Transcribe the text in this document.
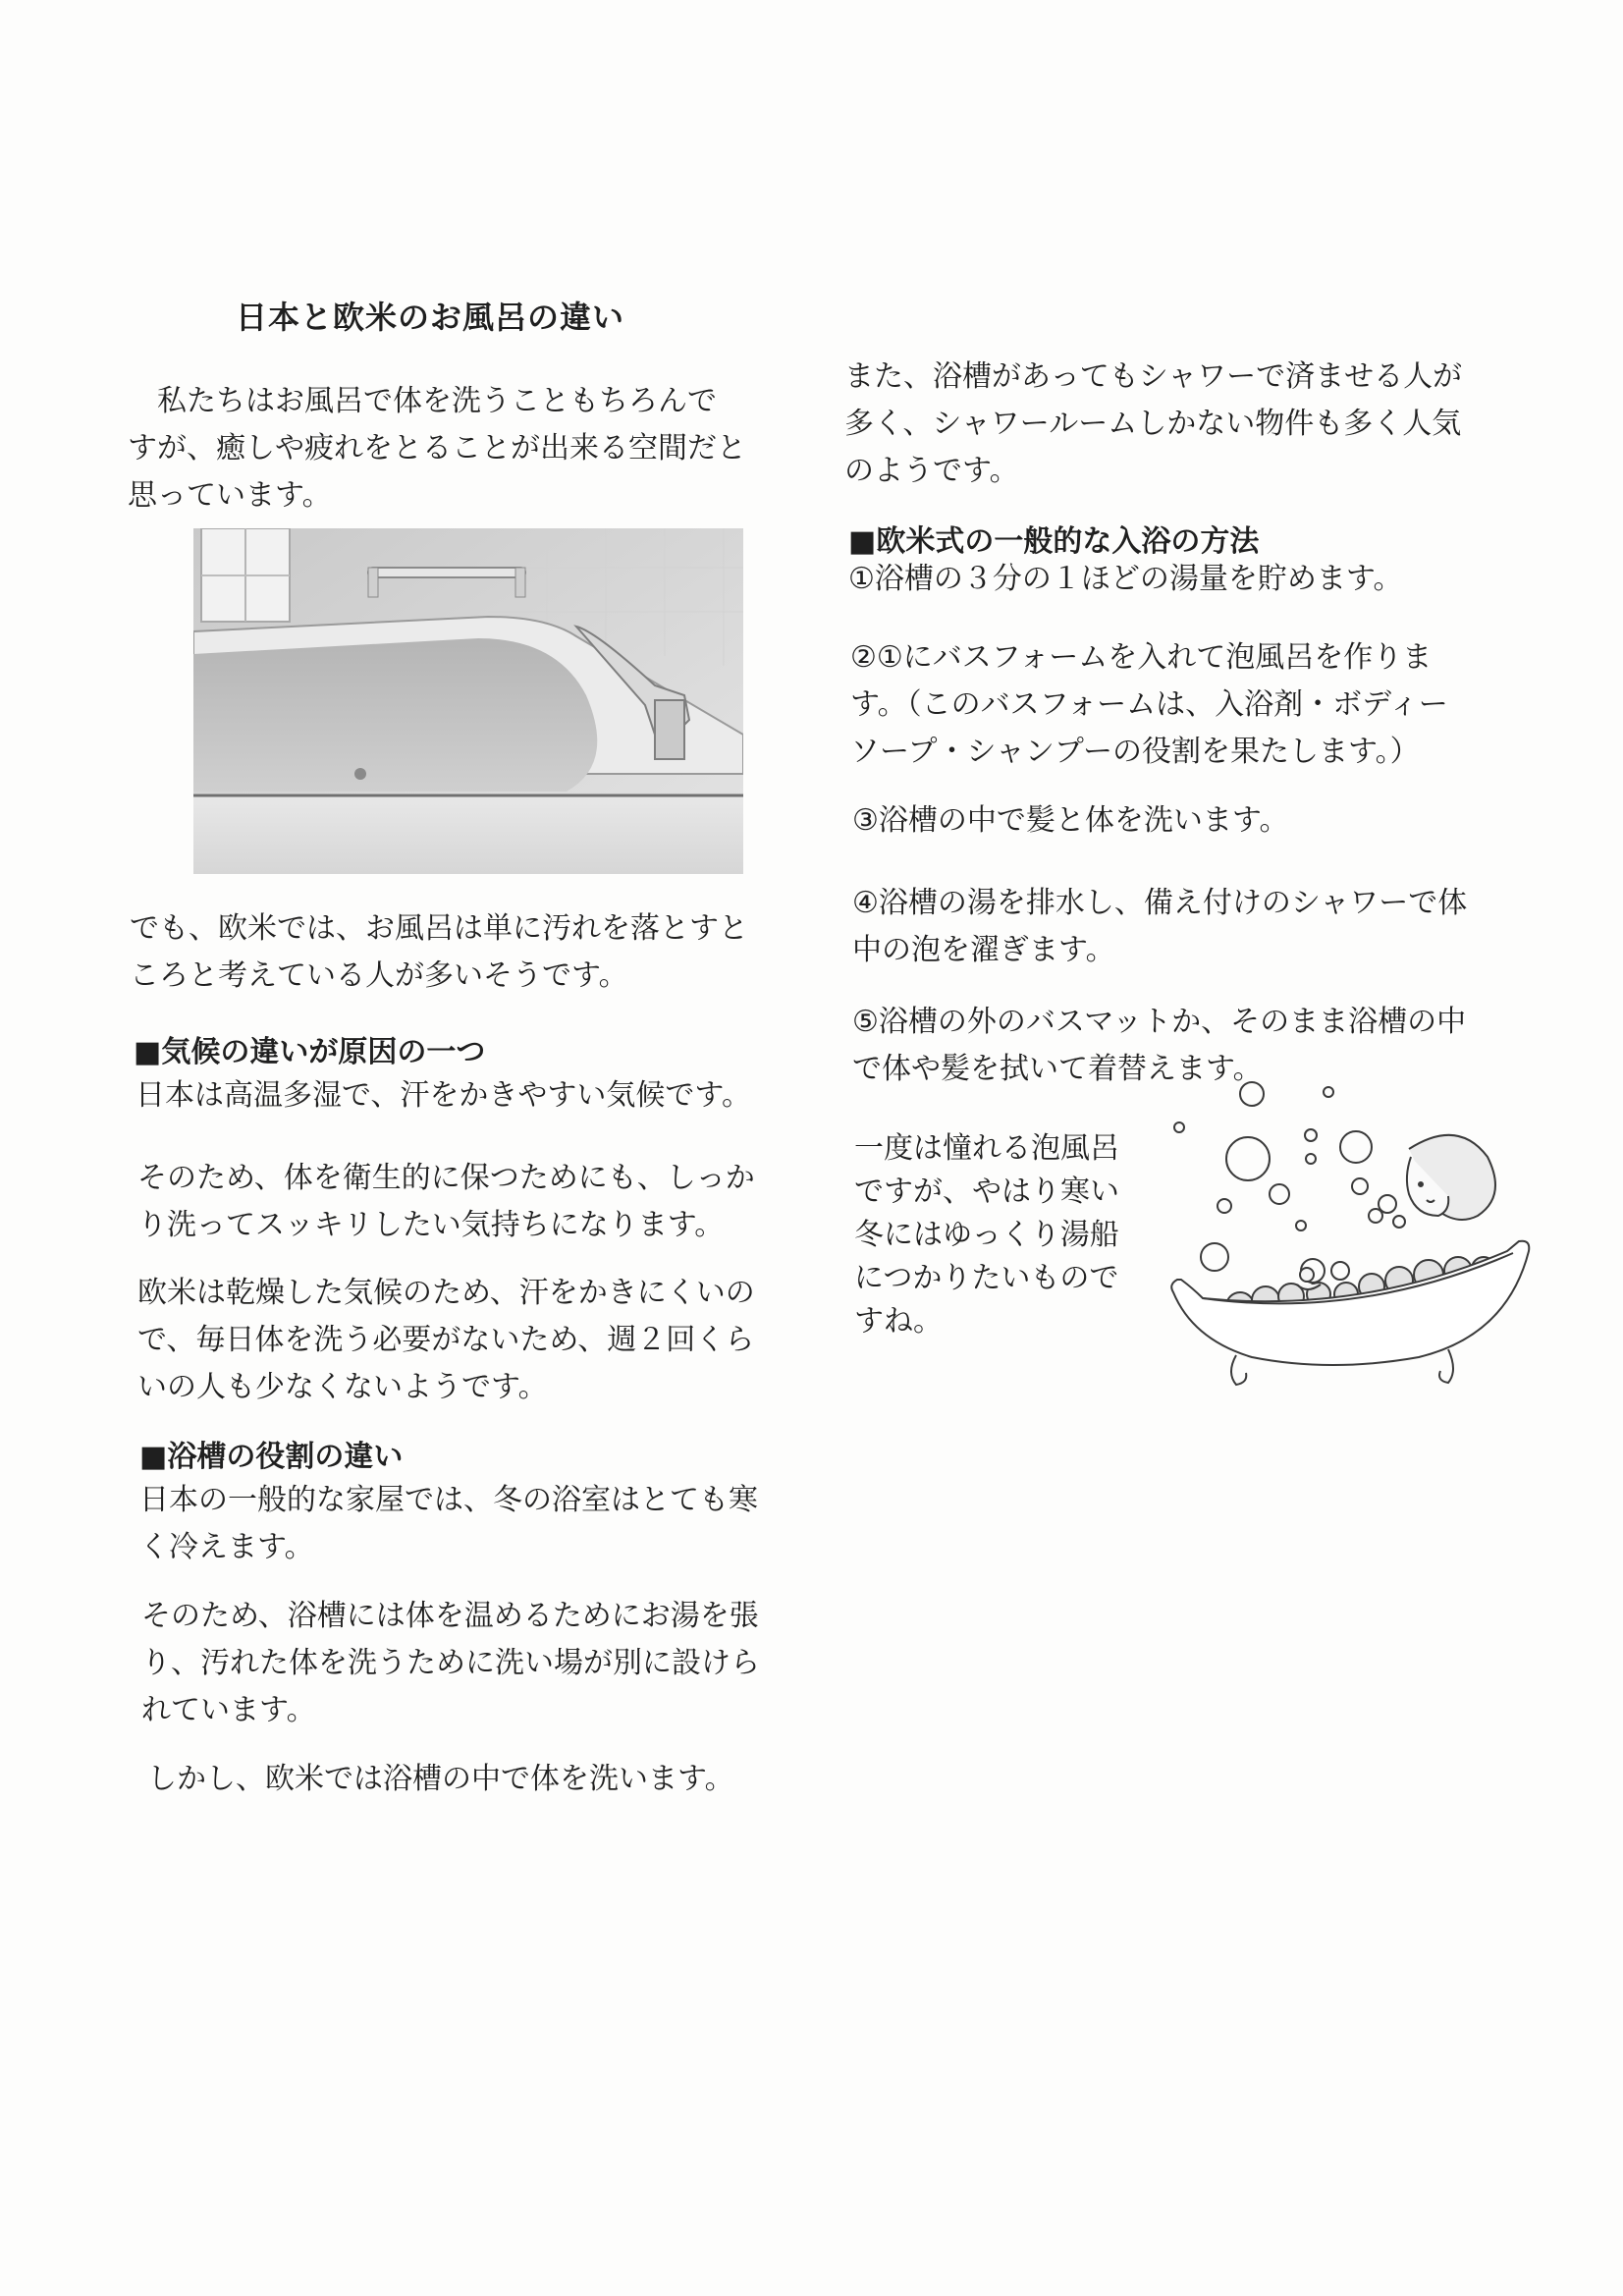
日本と欧米のお風呂の違い
　私たちはお風呂で体を洗うこともちろんで
すが、癒しや疲れをとることが出来る空間だと
思っています。
でも、欧米では、お風呂は単に汚れを落とすと
ころと考えている人が多いそうです。
■気候の違いが原因の一つ
日本は高温多湿で、汗をかきやすい気候です。
そのため、体を衛生的に保つためにも、しっか
り洗ってスッキリしたい気持ちになります。
欧米は乾燥した気候のため、汗をかきにくいの
で、毎日体を洗う必要がないため、週２回くら
いの人も少なくないようです。
■浴槽の役割の違い
日本の一般的な家屋では、冬の浴室はとても寒
く冷えます。
そのため、浴槽には体を温めるためにお湯を張
り、汚れた体を洗うために洗い場が別に設けら
れています。
しかし、欧米では浴槽の中で体を洗います。
また、浴槽があってもシャワーで済ませる人が
多く、シャワールームしかない物件も多く人気
のようです。
■欧米式の一般的な入浴の方法
①浴槽の３分の１ほどの湯量を貯めます。
②①にバスフォームを入れて泡風呂を作りま
す。（このバスフォームは、入浴剤・ボディー
ソープ・シャンプーの役割を果たします。）
③浴槽の中で髪と体を洗います。
④浴槽の湯を排水し、備え付けのシャワーで体
中の泡を濯ぎます。
⑤浴槽の外のバスマットか、そのまま浴槽の中
で体や髪を拭いて着替えます。
一度は憧れる泡風呂
ですが、やはり寒い
冬にはゆっくり湯船
につかりたいもので
すね。
